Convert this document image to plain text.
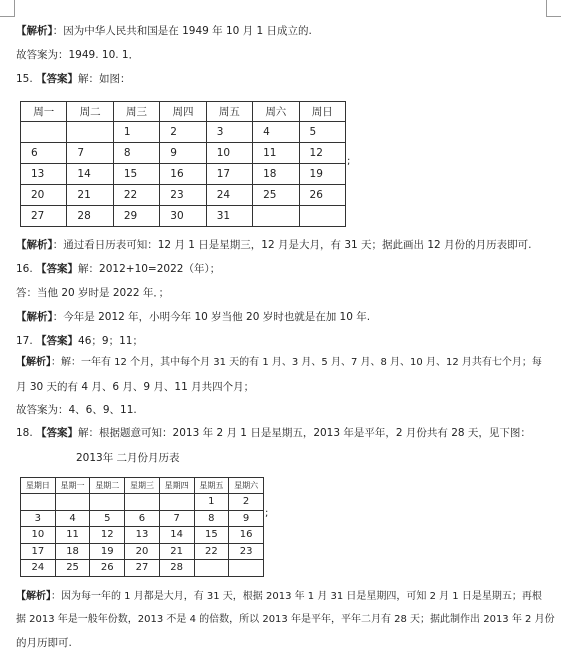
【解析】：因为中华人民共和国是在 1949 年 10 月 1 日成立的.
故答案为：1949. 10. 1．
15. 【答案】解：如图：
周一	周二	周三	周四	周五	周六	周日
		1	2	3	4	5
6	7	8	9	10	11	12
13	14	15	16	17	18	19
20	21	22	23	24	25	26
27	28	29	30	31		
;
【解析】：通过看日历表可知：12 月 1 日是星期三，12 月是大月，有 31 天；据此画出 12 月份的月历表即可.
16. 【答案】解：2012+10=2022（年）；
答：当他 20 岁时是 2022 年．；
【解析】：今年是 2012 年，小明今年 10 岁当他 20 岁时也就是在加 10 年.
17. 【答案】46；9；11；
【解析】：解：一年有 12 个月，其中每个月 31 天的有 1 月、3 月、5 月、7 月、8 月、10 月、12 月共有七个月；每
月 30 天的有 4 月、6 月、9 月、11 月共四个月；
故答案为：4、6、9、11.
18. 【答案】解：根据题意可知：2013 年 2 月 1 日是星期五，2013 年是平年，2 月份共有 28 天，见下图：
2013年 二月份月历表
星期日	星期一	星期二	星期三	星期四	星期五	星期六
					1	2
3	4	5	6	7	8	9
10	11	12	13	14	15	16
17	18	19	20	21	22	23
24	25	26	27	28		
;
【解析】：因为每一年的 1 月都是大月，有 31 天，根据 2013 年 1 月 31 日是星期四，可知 2 月 1 日是星期五；再根
据 2013 年是一般年份数，2013 不是 4 的倍数，所以 2013 年是平年，平年二月有 28 天；据此制作出 2013 年 2 月份
的月历即可.
